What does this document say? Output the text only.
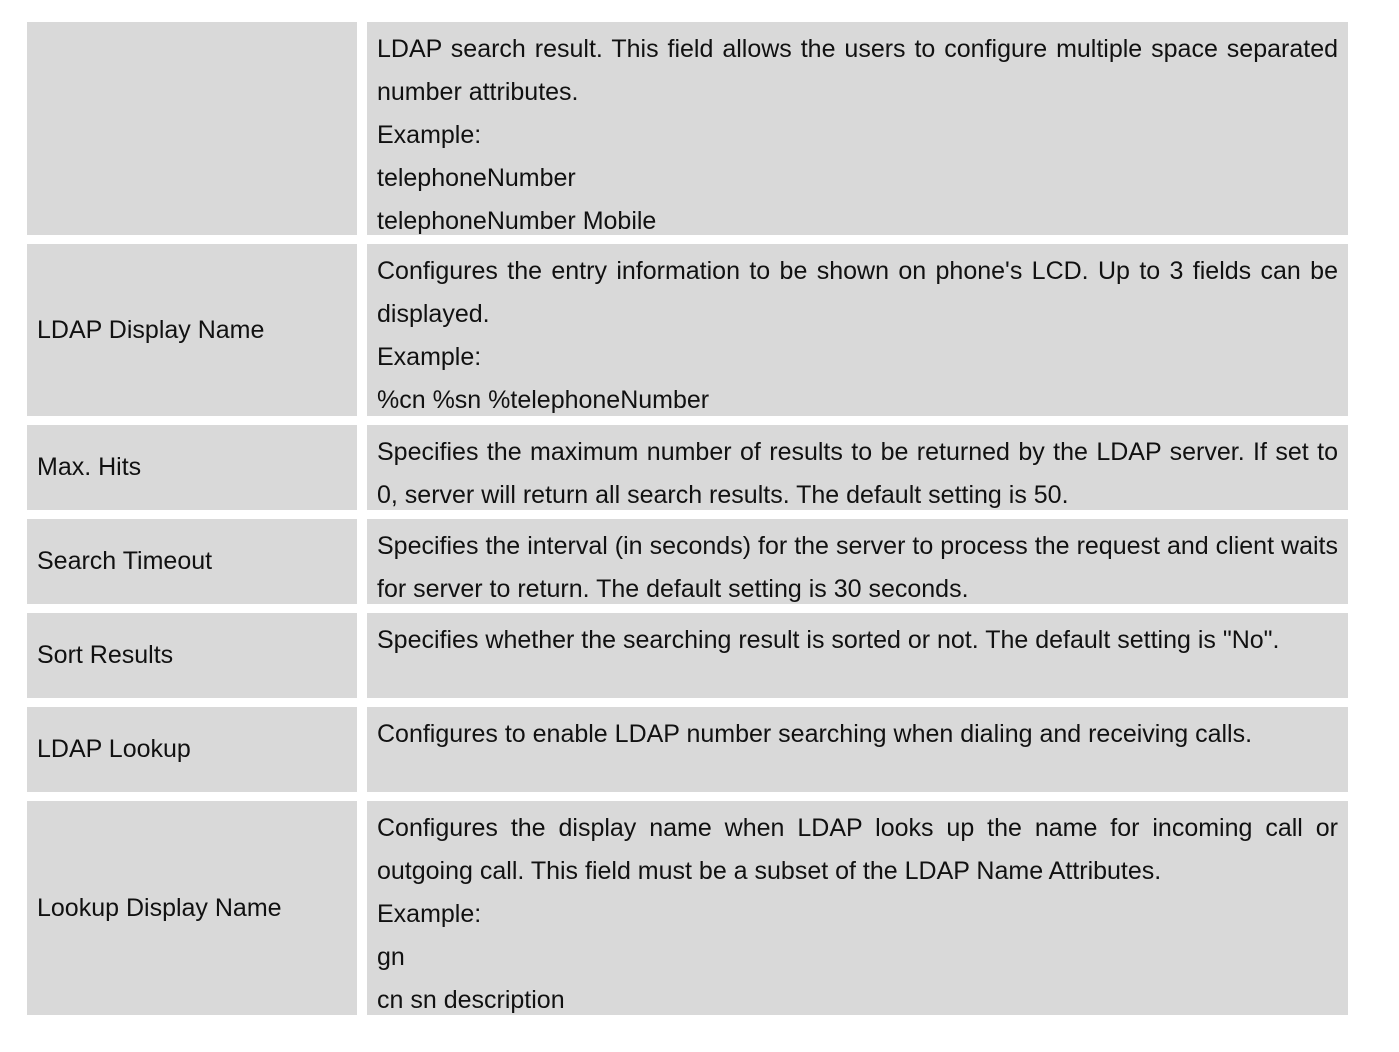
LDAP search result. This field allows the users to configure multiple space separated number attributes.

Example:

telephoneNumber

telephoneNumber Mobile

LDAP Display Name

Configures the entry information to be shown on phone's LCD. Up to 3 fields can be displayed.

Example:

%cn %sn %telephoneNumber

Max. Hits

Specifies the maximum number of results to be returned by the LDAP server. If set to 0, server will return all search results. The default setting is 50.

Search Timeout

Specifies the interval (in seconds) for the server to process the request and client waits for server to return. The default setting is 30 seconds.

Sort Results

Specifies whether the searching result is sorted or not. The default setting is "No".

LDAP Lookup

Configures to enable LDAP number searching when dialing and receiving calls.

Lookup Display Name

Configures the display name when LDAP looks up the name for incoming call or outgoing call. This field must be a subset of the LDAP Name Attributes.

Example:

gn

cn sn description
